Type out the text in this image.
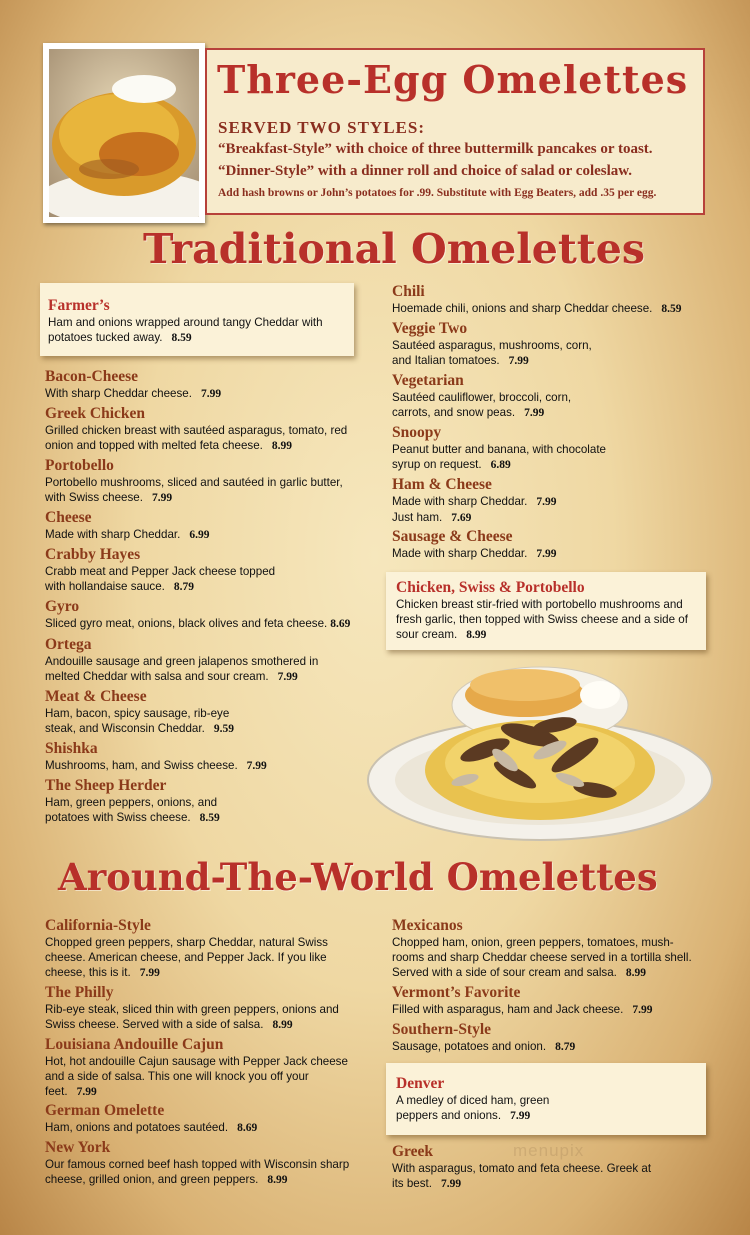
Three-Egg Omelettes
SERVED TWO STYLES:
“Breakfast-Style” with choice of three buttermilk pancakes or toast.
“Dinner-Style” with a dinner roll and choice of salad or coleslaw.
Add hash browns or John’s potatoes for .99. Substitute with Egg Beaters, add .35 per egg.
Traditional Omelettes
Farmer’s
Ham and onions wrapped around tangy Cheddar with potatoes tucked away. 8.59
Bacon-Cheese
With sharp Cheddar cheese. 7.99
Greek Chicken
Grilled chicken breast with sautéed asparagus, tomato, red onion and topped with melted feta cheese. 8.99
Portobello
Portobello mushrooms, sliced and sautéed in garlic butter, with Swiss cheese. 7.99
Cheese
Made with sharp Cheddar. 6.99
Crabby Hayes
Crabb meat and Pepper Jack cheese topped with hollandaise sauce. 8.79
Gyro
Sliced gyro meat, onions, black olives and feta cheese. 8.69
Ortega
Andouille sausage and green jalapenos smothered in melted Cheddar with salsa and sour cream. 7.99
Meat & Cheese
Ham, bacon, spicy sausage, rib-eye steak, and Wisconsin Cheddar. 9.59
Shishka
Mushrooms, ham, and Swiss cheese. 7.99
The Sheep Herder
Ham, green peppers, onions, and potatoes with Swiss cheese. 8.59
Chili
Hoemade chili, onions and sharp Cheddar cheese. 8.59
Veggie Two
Sautéed asparagus, mushrooms, corn, and Italian tomatoes. 7.99
Vegetarian
Sautéed cauliflower, broccoli, corn, carrots, and snow peas. 7.99
Snoopy
Peanut butter and banana, with chocolate syrup on request. 6.89
Ham & Cheese
Made with sharp Cheddar. 7.99
Just ham. 7.69
Sausage & Cheese
Made with sharp Cheddar. 7.99
Chicken, Swiss & Portobello
Chicken breast stir-fried with portobello mushrooms and fresh garlic, then topped with Swiss cheese and a side of sour cream. 8.99
Around-The-World Omelettes
California-Style
Chopped green peppers, sharp Cheddar, natural Swiss cheese. American cheese, and Pepper Jack. If you like cheese, this is it. 7.99
The Philly
Rib-eye steak, sliced thin with green peppers, onions and Swiss cheese. Served with a side of salsa. 8.99
Louisiana Andouille Cajun
Hot, hot andouille Cajun sausage with Pepper Jack cheese and a side of salsa. This one will knock you off your feet. 7.99
German Omelette
Ham, onions and potatoes sautéed. 8.69
New York
Our famous corned beef hash topped with Wisconsin sharp cheese, grilled onion, and green peppers. 8.99
Mexicanos
Chopped ham, onion, green peppers, tomatoes, mush-rooms and sharp Cheddar cheese served in a tortilla shell. Served with a side of sour cream and salsa. 8.99
Vermont’s Favorite
Filled with asparagus, ham and Jack cheese. 7.99
Southern-Style
Sausage, potatoes and onion. 8.79
Denver
A medley of diced ham, green peppers and onions. 7.99
menupix
Greek
With asparagus, tomato and feta cheese. Greek at its best. 7.99
